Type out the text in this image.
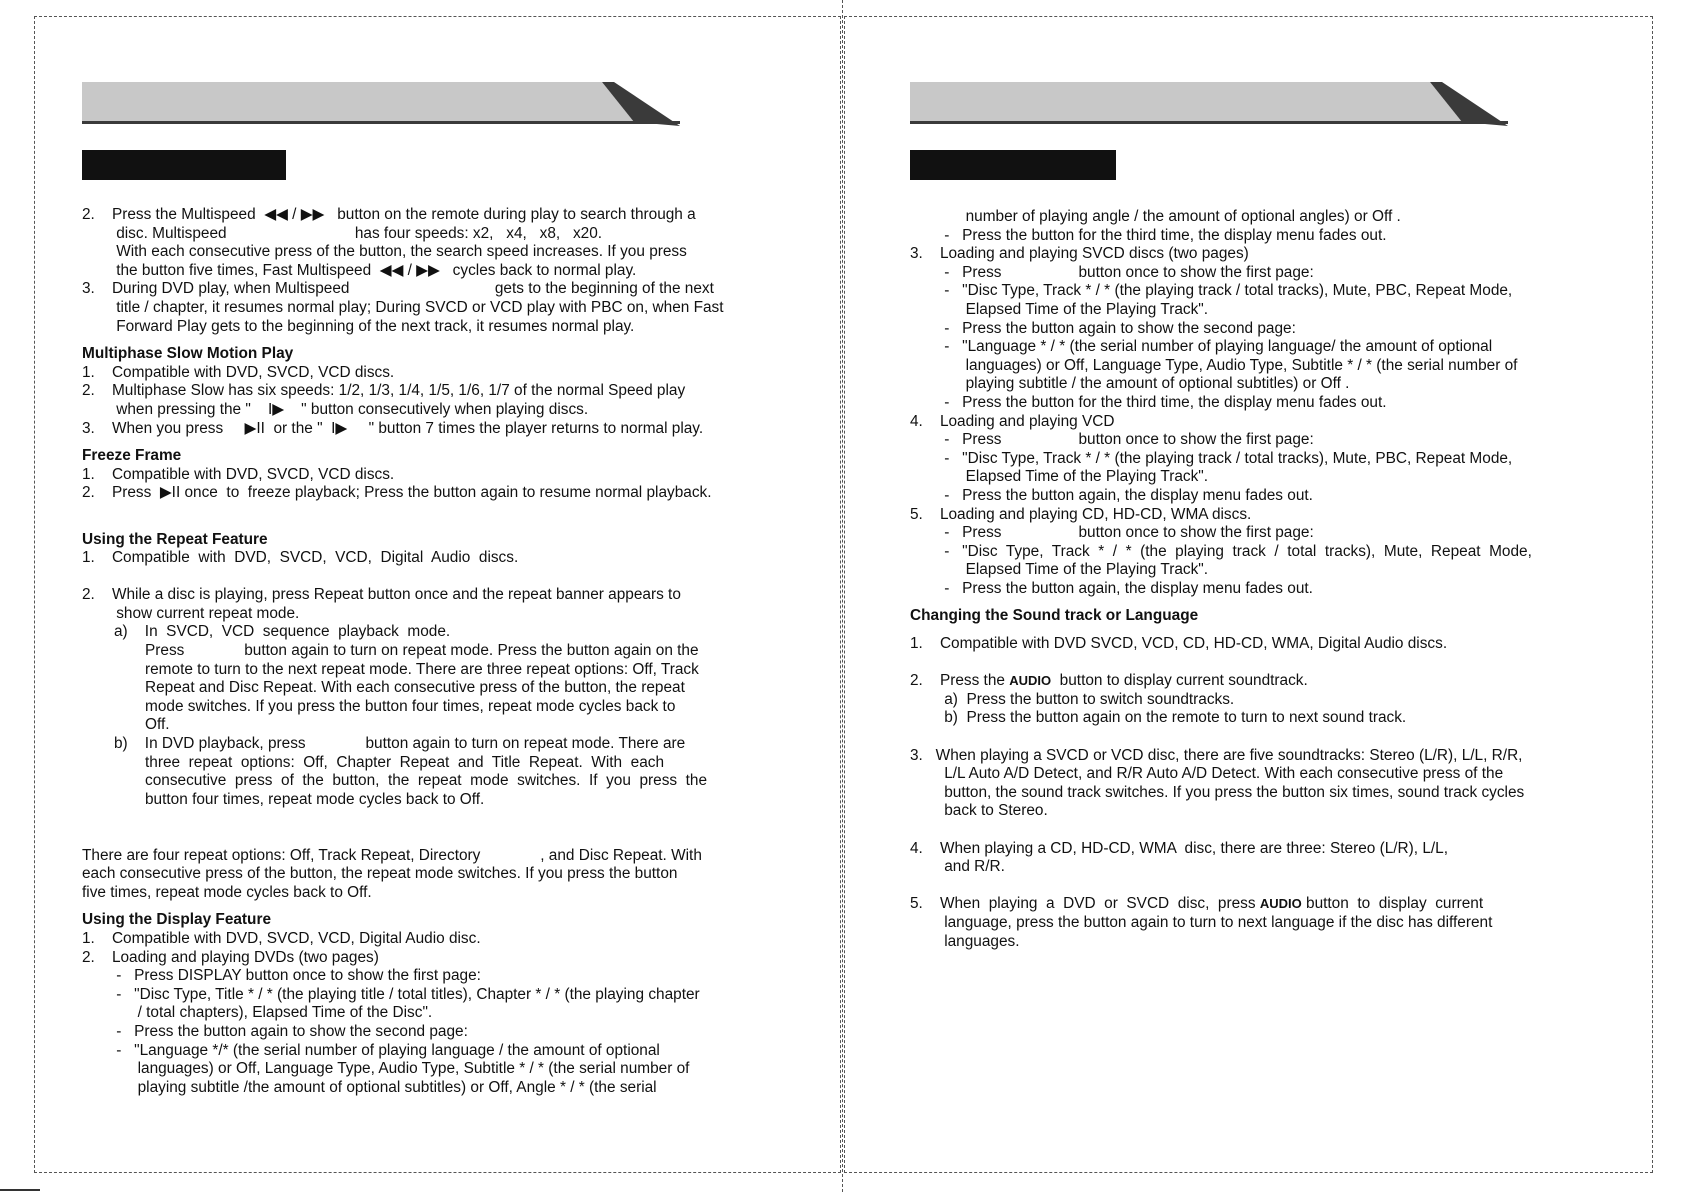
2.    Press the Multispeed  ◀◀ / ▶▶   button on the remote during play to search through a

disc. Multispeed                              has four speeds: x2,   x4,   x8,   x20.

With each consecutive press of the button, the search speed increases. If you press

the button five times, Fast Multispeed  ◀◀ / ▶▶   cycles back to normal play.

3.    During DVD play, when Multispeed                                  gets to the beginning of the next

title / chapter, it resumes normal play; During SVCD or VCD play with PBC on, when Fast

Forward Play gets to the beginning of the next track, it resumes normal play.

Multiphase Slow Motion Play

1.    Compatible with DVD, SVCD, VCD discs.

2.    Multiphase Slow has six speeds: 1/2, 1/3, 1/4, 1/5, 1/6, 1/7 of the normal Speed play

when pressing the "    I▶    " button consecutively when playing discs.

3.    When you press     ▶II  or the "  I▶     " button 7 times the player returns to normal play.

Freeze Frame

1.    Compatible with DVD, SVCD, VCD discs.

2.    Press  ▶II once  to  freeze playback; Press the button again to resume normal playback.

Using the Repeat Feature

1.    Compatible  with  DVD,  SVCD,  VCD,  Digital  Audio  discs.

2.    While a disc is playing, press Repeat button once and the repeat banner appears to

show current repeat mode.

a)    In  SVCD,  VCD  sequence  playback  mode.

Press              button again to turn on repeat mode. Press the button again on the

remote to turn to the next repeat mode. There are three repeat options: Off, Track

Repeat and Disc Repeat. With each consecutive press of the button, the repeat

mode switches. If you press the button four times, repeat mode cycles back to

Off.

b)    In DVD playback, press              button again to turn on repeat mode. There are

three  repeat  options:  Off,  Chapter  Repeat  and  Title  Repeat.  With  each

consecutive  press  of  the  button,  the  repeat  mode  switches.  If  you  press  the

button four times, repeat mode cycles back to Off.

There are four repeat options: Off, Track Repeat, Directory              , and Disc Repeat. With

each consecutive press of the button, the repeat mode switches. If you press the button

five times, repeat mode cycles back to Off.

Using the Display Feature

1.    Compatible with DVD, SVCD, VCD, Digital Audio disc.

2.    Loading and playing DVDs (two pages)

-   Press DISPLAY button once to show the first page:

-   "Disc Type, Title * / * (the playing title / total titles), Chapter * / * (the playing chapter

/ total chapters), Elapsed Time of the Disc".

-   Press the button again to show the second page:

-   "Language */* (the serial number of playing language / the amount of optional

languages) or Off, Language Type, Audio Type, Subtitle * / * (the serial number of

playing subtitle /the amount of optional subtitles) or Off, Angle * / * (the serial

number of playing angle / the amount of optional angles) or Off .

-   Press the button for the third time, the display menu fades out.

3.    Loading and playing SVCD discs (two pages)

-   Press                  button once to show the first page:

-   "Disc Type, Track * / * (the playing track / total tracks), Mute, PBC, Repeat Mode,

Elapsed Time of the Playing Track".

-   Press the button again to show the second page:

-   "Language * / * (the serial number of playing language/ the amount of optional

languages) or Off, Language Type, Audio Type, Subtitle * / * (the serial number of

playing subtitle / the amount of optional subtitles) or Off .

-   Press the button for the third time, the display menu fades out.

4.    Loading and playing VCD

-   Press                  button once to show the first page:

-   "Disc Type, Track * / * (the playing track / total tracks), Mute, PBC, Repeat Mode,

Elapsed Time of the Playing Track".

-   Press the button again, the display menu fades out.

5.    Loading and playing CD, HD-CD, WMA discs.

-   Press                  button once to show the first page:

-   "Disc  Type,  Track  *  /  *  (the  playing  track  /  total  tracks),  Mute,  Repeat  Mode,

Elapsed Time of the Playing Track".

-   Press the button again, the display menu fades out.

Changing the Sound track or Language

1.    Compatible with DVD SVCD, VCD, CD, HD-CD, WMA, Digital Audio discs.

2.    Press the AUDIO  button to display current soundtrack.

a)  Press the button to switch soundtracks.

b)  Press the button again on the remote to turn to next sound track.

3.   When playing a SVCD or VCD disc, there are five soundtracks: Stereo (L/R), L/L, R/R,

L/L Auto A/D Detect, and R/R Auto A/D Detect. With each consecutive press of the

button, the sound track switches. If you press the button six times, sound track cycles

back to Stereo.

4.    When playing a CD, HD-CD, WMA  disc, there are three: Stereo (L/R), L/L,

and R/R.

5.    When  playing  a  DVD  or  SVCD  disc,  press AUDIO button  to  display  current

language, press the button again to turn to next language if the disc has different

languages.
